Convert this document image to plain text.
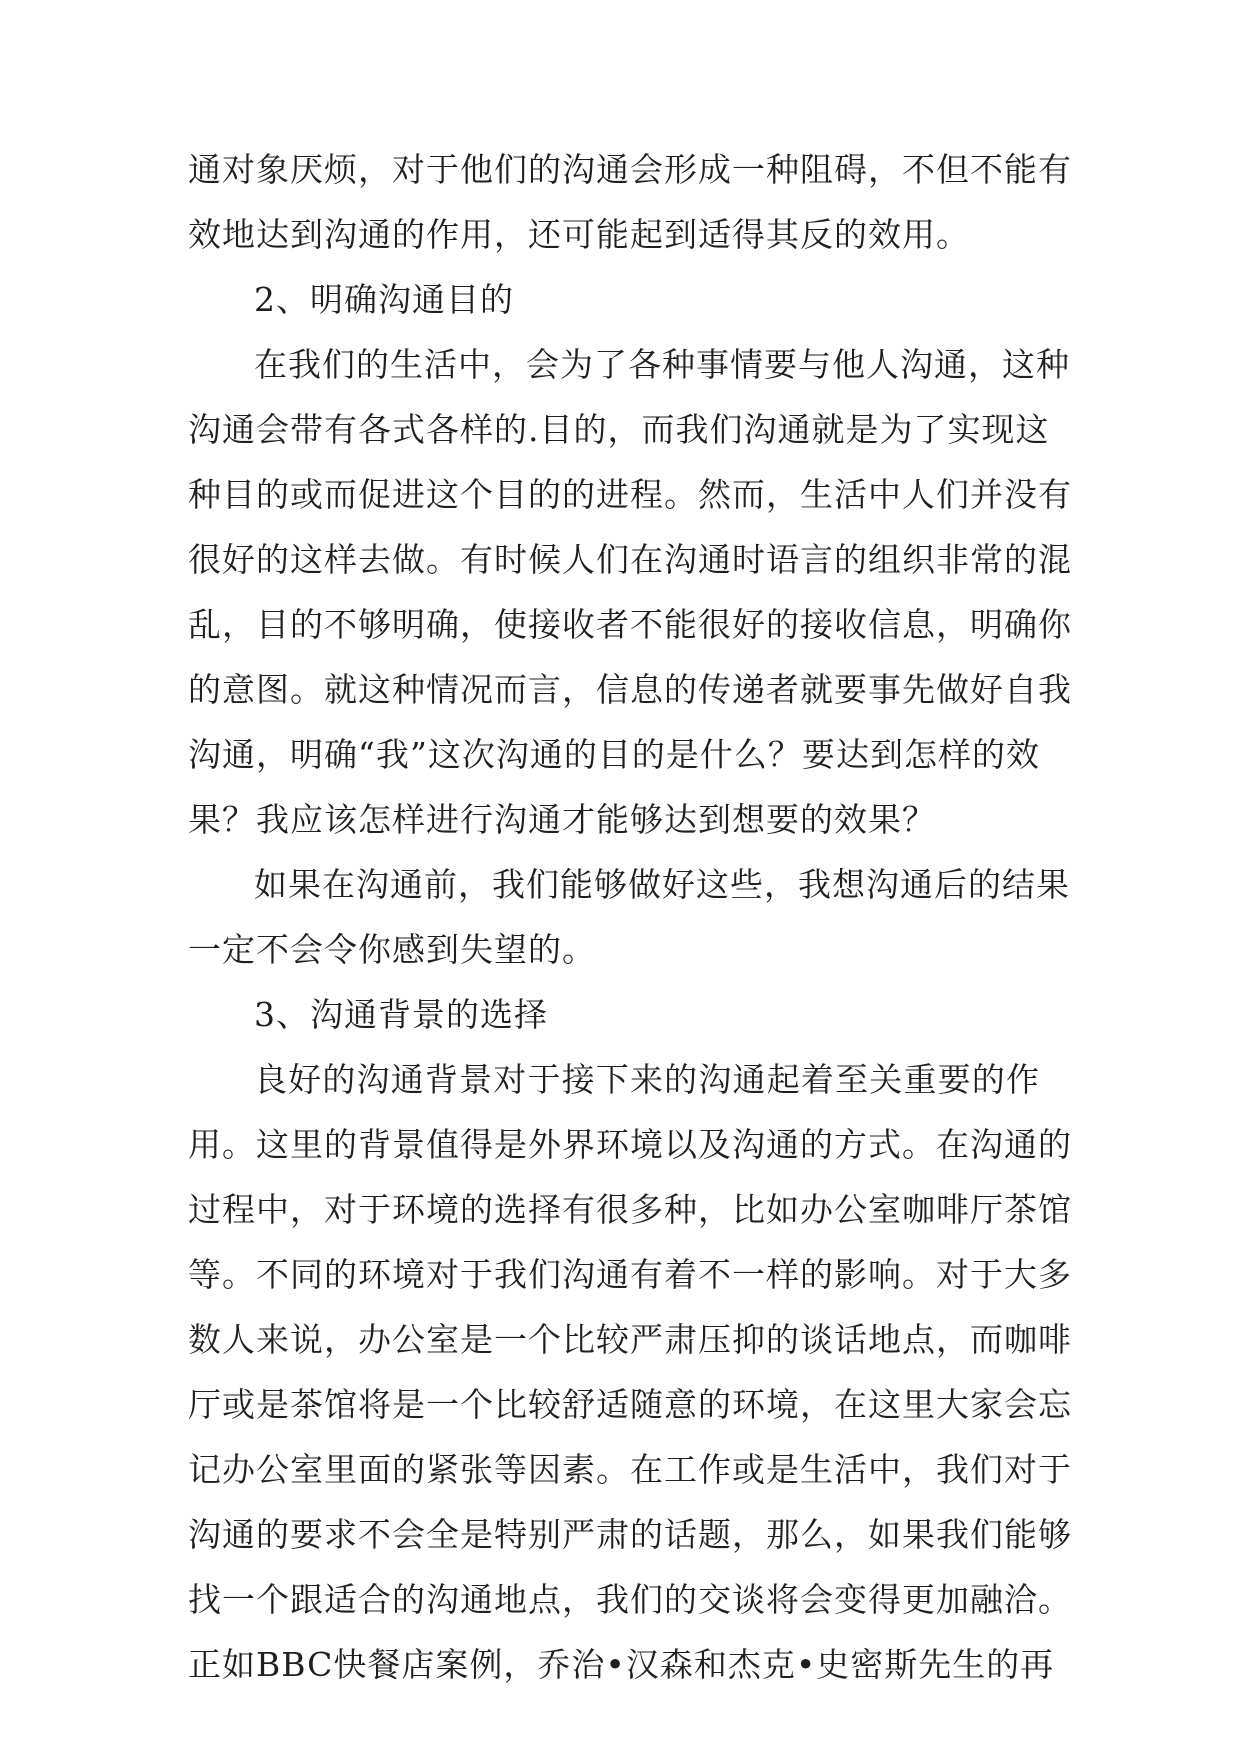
通对象厌烦，对于他们的沟通会形成一种阻碍，不但不能有
效地达到沟通的作用，还可能起到适得其反的效用。
2、明确沟通目的
在我们的生活中，会为了各种事情要与他人沟通，这种
沟通会带有各式各样的.目的，而我们沟通就是为了实现这
种目的或而促进这个目的的进程。然而，生活中人们并没有
很好的这样去做。有时候人们在沟通时语言的组织非常的混
乱，目的不够明确，使接收者不能很好的接收信息，明确你
的意图。就这种情况而言，信息的传递者就要事先做好自我
沟通，明确“我”这次沟通的目的是什么？要达到怎样的效
果？我应该怎样进行沟通才能够达到想要的效果？
如果在沟通前，我们能够做好这些，我想沟通后的结果
一定不会令你感到失望的。
3、沟通背景的选择
良好的沟通背景对于接下来的沟通起着至关重要的作
用。这里的背景值得是外界环境以及沟通的方式。在沟通的
过程中，对于环境的选择有很多种，比如办公室咖啡厅茶馆
等。不同的环境对于我们沟通有着不一样的影响。对于大多
数人来说，办公室是一个比较严肃压抑的谈话地点，而咖啡
厅或是茶馆将是一个比较舒适随意的环境，在这里大家会忘
记办公室里面的紧张等因素。在工作或是生活中，我们对于
沟通的要求不会全是特别严肃的话题，那么，如果我们能够
找一个跟适合的沟通地点，我们的交谈将会变得更加融洽。
正如BBC快餐店案例，乔治•汉森和杰克•史密斯先生的再
